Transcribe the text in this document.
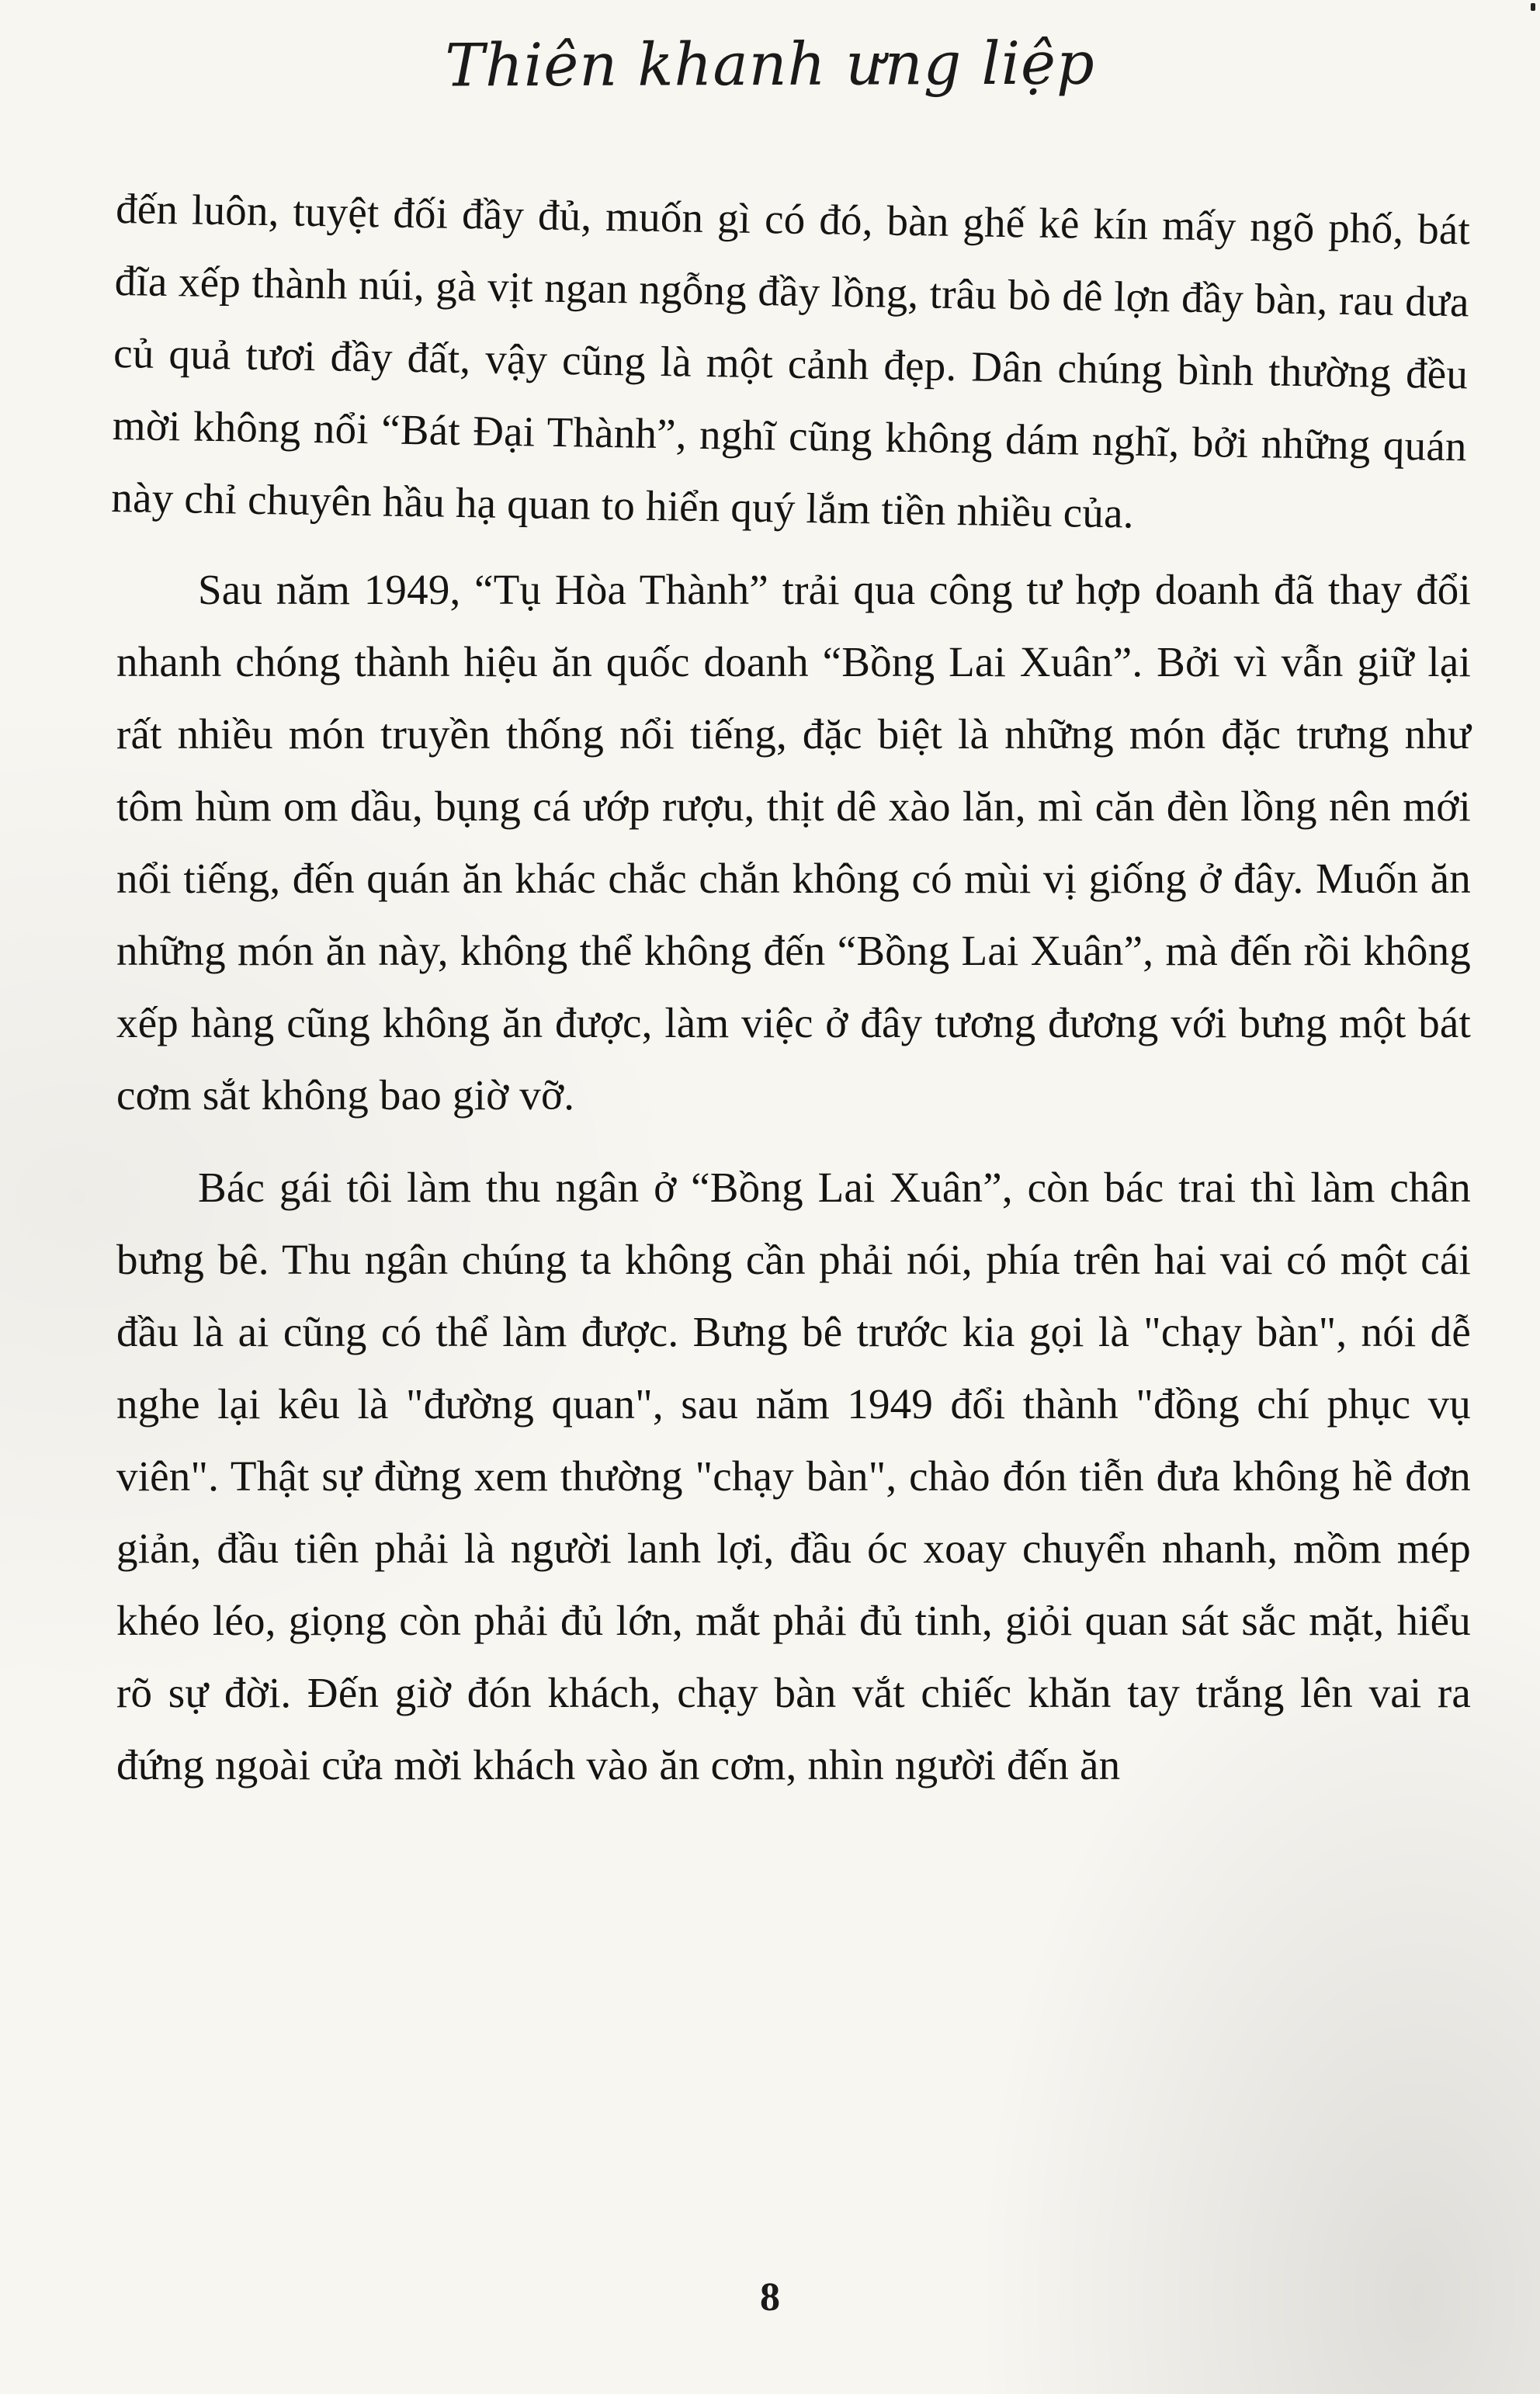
Thiên khanh ưng liệp

đến luôn, tuyệt đối đầy đủ, muốn gì có đó, bàn ghế kê kín mấy ngõ phố, bát đĩa xếp thành núi, gà vịt ngan ngỗng đầy lồng, trâu bò dê lợn đầy bàn, rau dưa củ quả tươi đầy đất, vậy cũng là một cảnh đẹp. Dân chúng bình thường đều mời không nổi “Bát Đại Thành”, nghĩ cũng không dám nghĩ, bởi những quán này chỉ chuyên hầu hạ quan to hiển quý lắm tiền nhiều của.

Sau năm 1949, “Tụ Hòa Thành” trải qua công tư hợp doanh đã thay đổi nhanh chóng thành hiệu ăn quốc doanh “Bồng Lai Xuân”. Bởi vì vẫn giữ lại rất nhiều món truyền thống nổi tiếng, đặc biệt là những món đặc trưng như tôm hùm om dầu, bụng cá ướp rượu, thịt dê xào lăn, mì căn đèn lồng nên mới nổi tiếng, đến quán ăn khác chắc chắn không có mùi vị giống ở đây. Muốn ăn những món ăn này, không thể không đến “Bồng Lai Xuân”, mà đến rồi không xếp hàng cũng không ăn được, làm việc ở đây tương đương với bưng một bát cơm sắt không bao giờ vỡ.

Bác gái tôi làm thu ngân ở “Bồng Lai Xuân”, còn bác trai thì làm chân bưng bê. Thu ngân chúng ta không cần phải nói, phía trên hai vai có một cái đầu là ai cũng có thể làm được. Bưng bê trước kia gọi là "chạy bàn", nói dễ nghe lại kêu là "đường quan", sau năm 1949 đổi thành "đồng chí phục vụ viên". Thật sự đừng xem thường "chạy bàn", chào đón tiễn đưa không hề đơn giản, đầu tiên phải là người lanh lợi, đầu óc xoay chuyển nhanh, mồm mép khéo léo, giọng còn phải đủ lớn, mắt phải đủ tinh, giỏi quan sát sắc mặt, hiểu rõ sự đời. Đến giờ đón khách, chạy bàn vắt chiếc khăn tay trắng lên vai ra đứng ngoài cửa mời khách vào ăn cơm, nhìn người đến ăn

8
